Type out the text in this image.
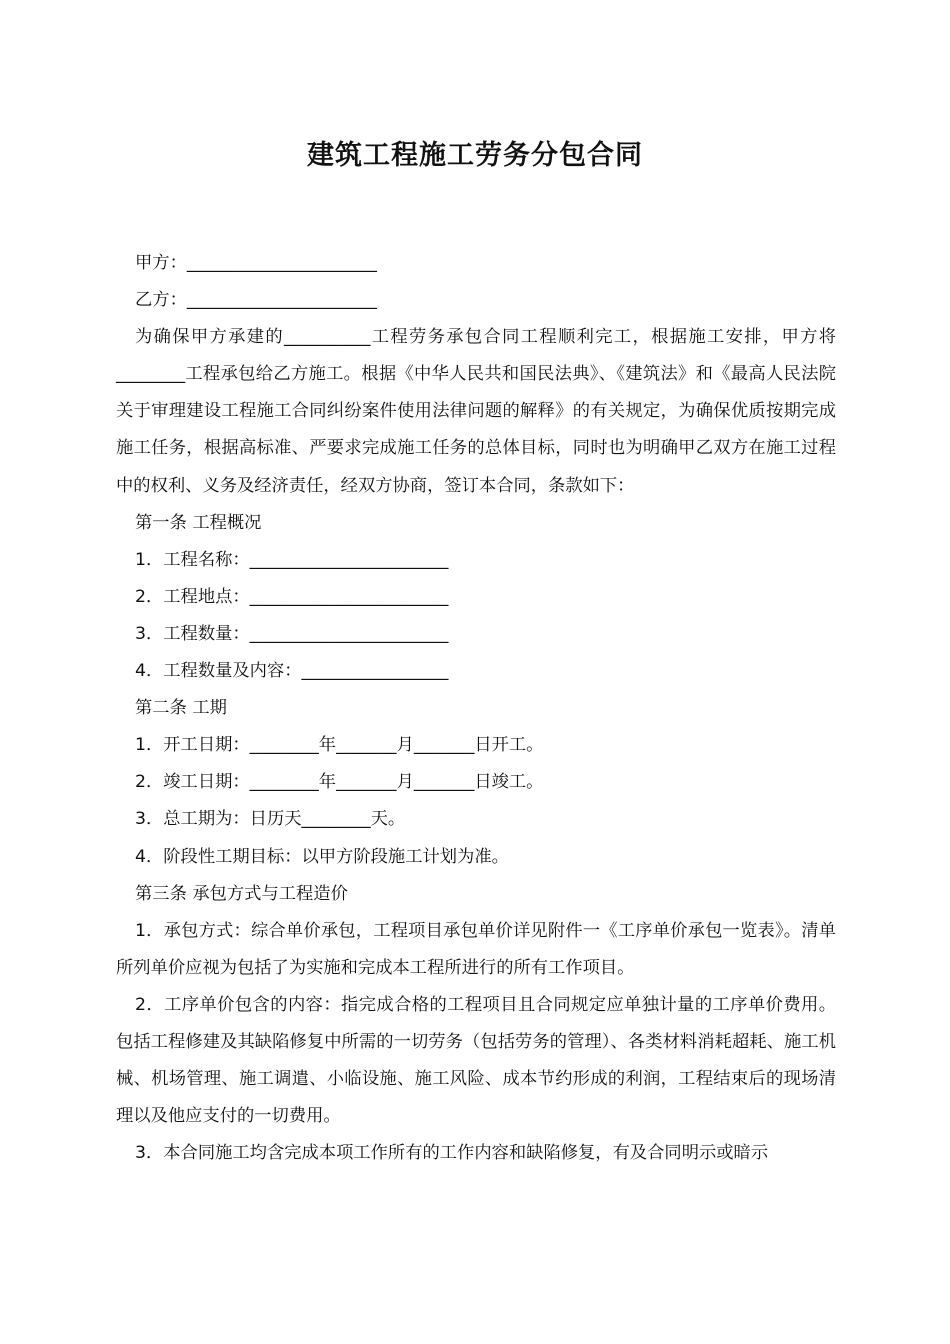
建筑工程施工劳务分包合同
甲方：______________________
乙方：______________________
为确保甲方承建的__________工程劳务承包合同工程顺利完工，根据施工安排，甲方将________工程承包给乙方施工。根据《中华人民共和国民法典》、《建筑法》和《最高人民法院关于审理建设工程施工合同纠纷案件使用法律问题的解释》的有关规定，为确保优质按期完成施工任务，根据高标准、严要求完成施工任务的总体目标，同时也为明确甲乙双方在施工过程中的权利、义务及经济责任，经双方协商，签订本合同，条款如下：
第一条 工程概况
1．工程名称：_______________________
2．工程地点：_______________________
3．工程数量：_______________________
4．工程数量及内容：_________________
第二条 工期
1．开工日期：________年_______月_______日开工。
2．竣工日期：________年_______月_______日竣工。
3．总工期为：日历天________天。
4．阶段性工期目标：以甲方阶段施工计划为准。
第三条 承包方式与工程造价
1．承包方式：综合单价承包，工程项目承包单价详见附件一《工序单价承包一览表》。清单所列单价应视为包括了为实施和完成本工程所进行的所有工作项目。
2．工序单价包含的内容：指完成合格的工程项目且合同规定应单独计量的工序单价费用。包括工程修建及其缺陷修复中所需的一切劳务（包括劳务的管理）、各类材料消耗超耗、施工机械、机场管理、施工调遣、小临设施、施工风险、成本节约形成的利润，工程结束后的现场清理以及他应支付的一切费用。
3．本合同施工均含完成本项工作所有的工作内容和缺陷修复，有及合同明示或暗示
